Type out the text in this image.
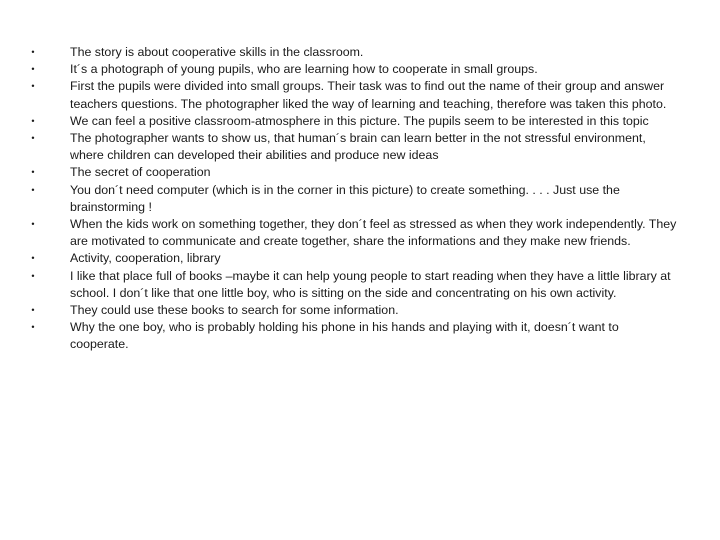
•	The story is about cooperative skills in the classroom.
•	It´s a photograph of young pupils, who are learning how to cooperate in small groups.
•	First the pupils were divided into small groups. Their task was to find out the name of their group and answer teachers questions. The photographer liked the way of learning and teaching, therefore was taken this photo.
•	We can feel a positive classroom-atmosphere in this picture. The pupils seem to be interested in this topic
•	The photographer wants to show us, that human´s brain can learn better in the not stressful environment, where children can developed their abilities and produce new ideas
•	The secret of cooperation
•	You don´t need computer (which is in the corner in this picture) to create something. . . . Just use the brainstorming !
•	When the kids work on something together, they don´t feel as stressed as when they work independently. They are motivated to communicate and create together, share the informations and they make new friends.
•	Activity, cooperation, library
•	I like that place full of books –maybe it can help young people to start reading when they have a little library at school. I don´t like that one little boy, who is sitting on the side and concentrating on his own activity.
•	They could use these books to search for some information.
•	Why the one boy, who is probably holding his phone in his hands and playing with it, doesn´t want to cooperate.
